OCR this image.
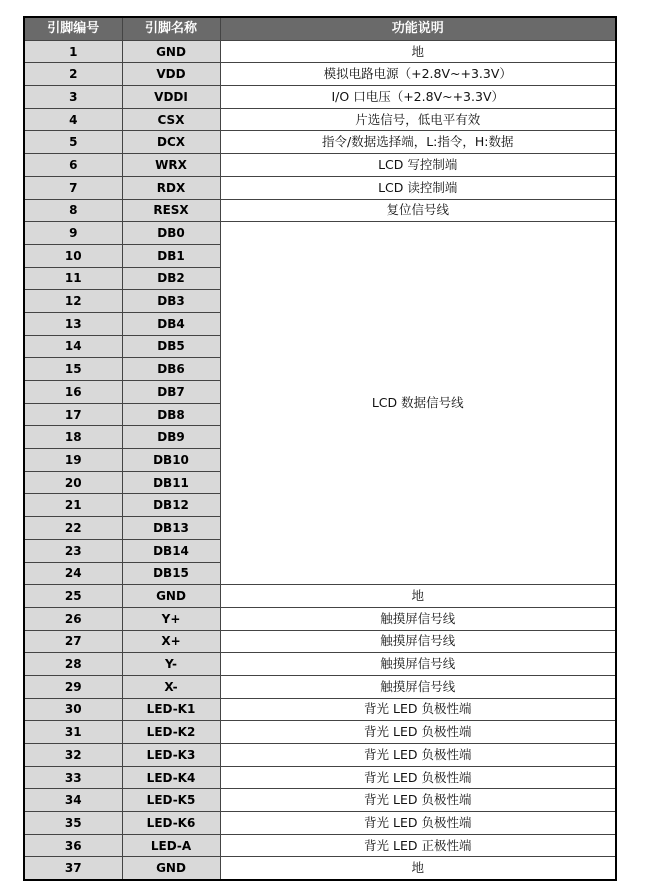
引脚编号	引脚名称	功能说明
1	GND	地
2	VDD	模拟电路电源（+2.8V~+3.3V）
3	VDDI	I/O 口电压（+2.8V~+3.3V）
4	CSX	片选信号，低电平有效
5	DCX	指令/数据选择端，L:指令，H:数据
6	WRX	LCD 写控制端
7	RDX	LCD 读控制端
8	RESX	复位信号线
9	DB0	LCD 数据信号线
10	DB1	
11	DB2	
12	DB3	
13	DB4	
14	DB5	
15	DB6	
16	DB7	
17	DB8	
18	DB9	
19	DB10	
20	DB11	
21	DB12	
22	DB13	
23	DB14	
24	DB15	
25	GND	地
26	Y+	触摸屏信号线
27	X+	触摸屏信号线
28	Y-	触摸屏信号线
29	X-	触摸屏信号线
30	LED-K1	背光 LED 负极性端
31	LED-K2	背光 LED 负极性端
32	LED-K3	背光 LED 负极性端
33	LED-K4	背光 LED 负极性端
34	LED-K5	背光 LED 负极性端
35	LED-K6	背光 LED 负极性端
36	LED-A	背光 LED 正极性端
37	GND	地
